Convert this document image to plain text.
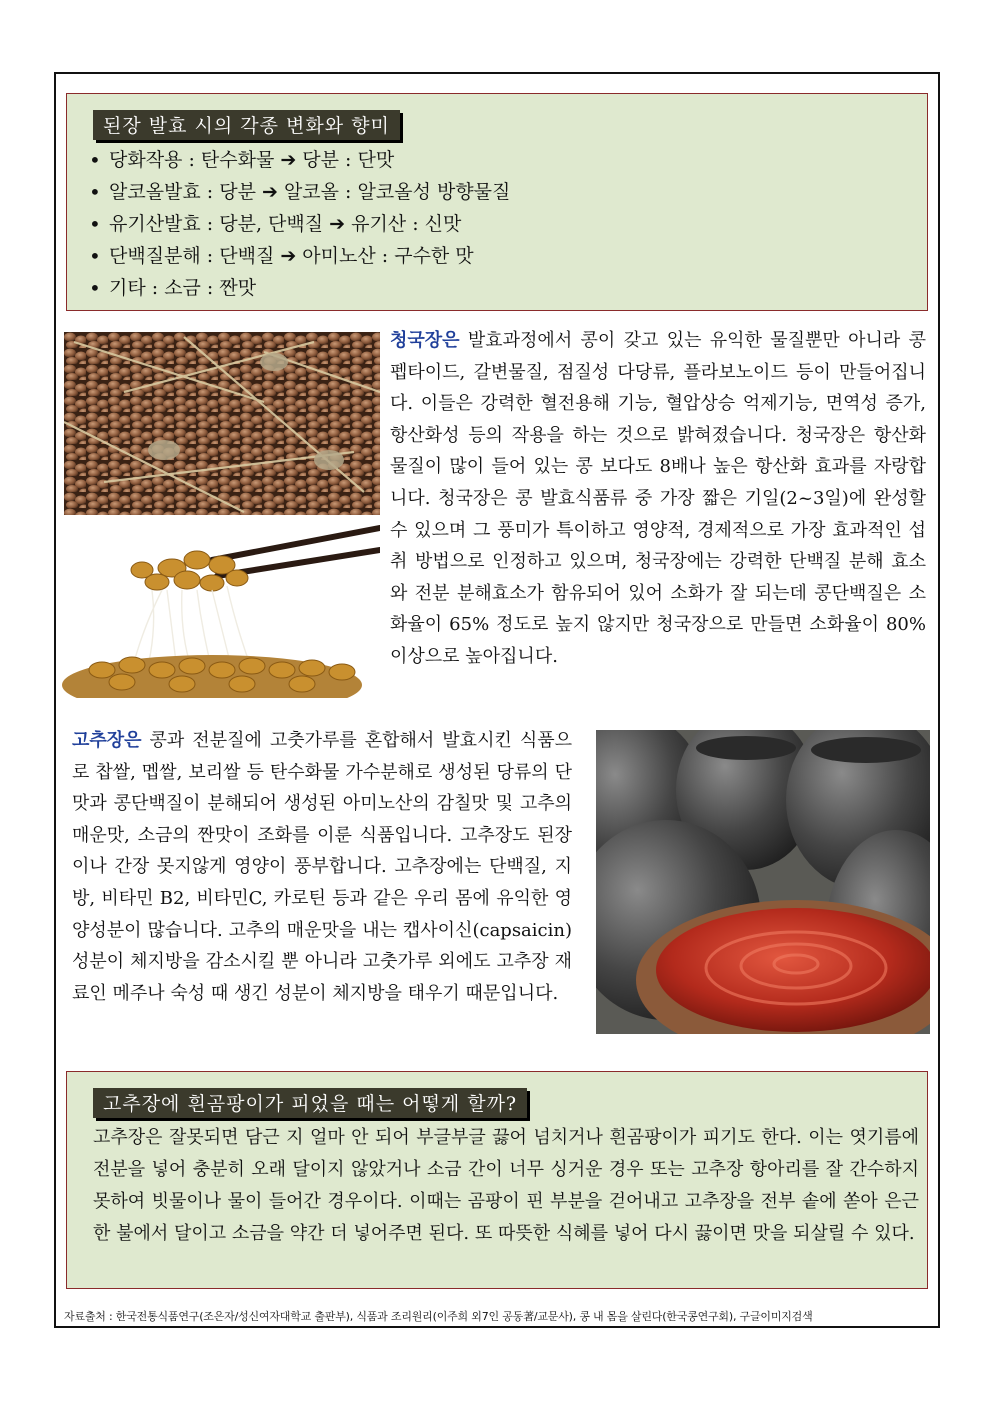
된장 발효 시의 각종 변화와 향미
• 당화작용 : 탄수화물 ➔ 당분 : 단맛
• 알코올발효 : 당분 ➔ 알코올 : 알코올성 방향물질
• 유기산발효 : 당분, 단백질 ➔ 유기산 : 신맛
• 단백질분해 : 단백질 ➔ 아미노산 : 구수한 맛
• 기타 : 소금 : 짠맛
청국장은 발효과정에서 콩이 갖고 있는 유익한 물질뿐만 아니라 콩 펩타이드, 갈변물질, 점질성 다당류, 플라보노이드 등이 만들어집니다. 이들은 강력한 혈전용해 기능, 혈압상승 억제기능, 면역성 증가, 항산화성 등의 작용을 하는 것으로 밝혀졌습니다. 청국장은 항산화 물질이 많이 들어 있는 콩 보다도 8배나 높은 항산화 효과를 자랑합니다. 청국장은 콩 발효식품류 중 가장 짧은 기일(2~3일)에 완성할 수 있으며 그 풍미가 특이하고 영양적, 경제적으로 가장 효과적인 섭취 방법으로 인정하고 있으며, 청국장에는 강력한 단백질 분해 효소와 전분 분해효소가 함유되어 있어 소화가 잘 되는데 콩단백질은 소화율이 65% 정도로 높지 않지만 청국장으로 만들면 소화율이 80% 이상으로 높아집니다.
고추장은 콩과 전분질에 고춧가루를 혼합해서 발효시킨 식품으로 찹쌀, 멥쌀, 보리쌀 등 탄수화물 가수분해로 생성된 당류의 단맛과 콩단백질이 분해되어 생성된 아미노산의 감칠맛 및 고추의 매운맛, 소금의 짠맛이 조화를 이룬 식품입니다. 고추장도 된장이나 간장 못지않게 영양이 풍부합니다. 고추장에는 단백질, 지방, 비타민 B2, 비타민C, 카로틴 등과 같은 우리 몸에 유익한 영양성분이 많습니다. 고추의 매운맛을 내는 캡사이신(capsaicin) 성분이 체지방을 감소시킬 뿐 아니라 고춧가루 외에도 고추장 재료인 메주나 숙성 때 생긴 성분이 체지방을 태우기 때문입니다.
고추장에 흰곰팡이가 피었을 때는 어떻게 할까?
고추장은 잘못되면 담근 지 얼마 안 되어 부글부글 끓어 넘치거나 흰곰팡이가 피기도 한다. 이는 엿기름에 전분을 넣어 충분히 오래 달이지 않았거나 소금 간이 너무 싱거운 경우 또는 고추장 항아리를 잘 간수하지 못하여 빗물이나 물이 들어간 경우이다. 이때는 곰팡이 핀 부분을 걷어내고 고추장을 전부 솥에 쏟아 은근한 불에서 달이고 소금을 약간 더 넣어주면 된다. 또 따뜻한 식혜를 넣어 다시 끓이면 맛을 되살릴 수 있다.
자료출처 : 한국전통식품연구(조은자/성신여자대학교 출판부), 식품과 조리원리(이주희 외7인 공동著/교문사), 콩 내 몸을 살린다(한국콩연구회), 구글이미지검색
